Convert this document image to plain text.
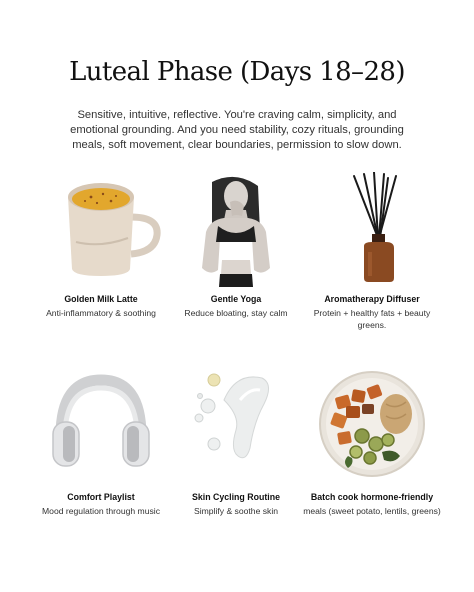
Luteal Phase (Days 18–28)
Sensitive, intuitive, reflective. You're craving calm, simplicity, and emotional grounding. And you need stability, cozy rituals, grounding meals, soft movement, clear boundaries, permission to slow down.
Golden Milk Latte
Anti-inflammatory & soothing
Gentle Yoga
Reduce bloating, stay calm
Aromatherapy Diffuser
Protein + healthy fats + beauty greens.
Comfort Playlist
Mood regulation through music
Skin Cycling Routine
Simplify & soothe skin
Batch cook hormone-friendly
meals (sweet potato, lentils, greens)
